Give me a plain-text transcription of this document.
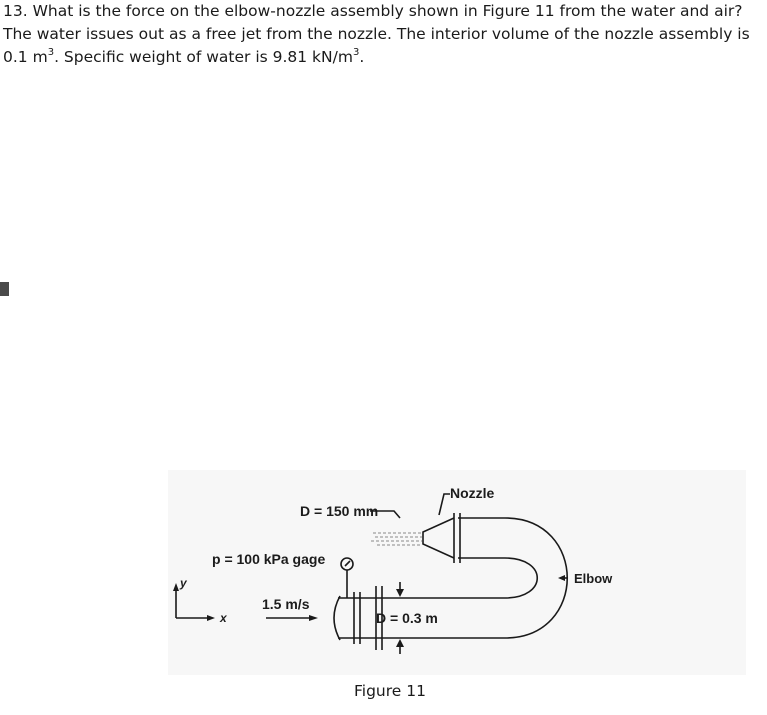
13. What is the force on the elbow-nozzle assembly shown in Figure 11 from the water and air?
The water issues out as a free jet from the nozzle. The interior volume of the nozzle assembly is
0.1 $m^3$. Specific weight of water is 9.81 $kN/m^3$.
Nozzle
D = 150 mm
p = 100 kPa gage
Elbow
1.5 m/s
D = 0.3 m
y
x
Figure 11
